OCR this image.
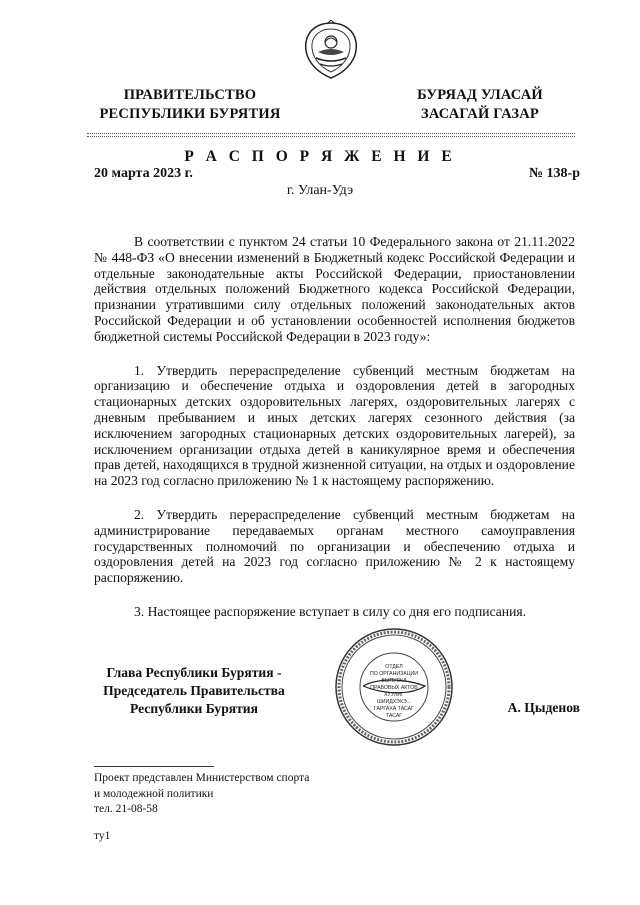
ПРАВИТЕЛЬСТВО
РЕСПУБЛИКИ БУРЯТИЯ
БУРЯАД УЛАСАЙ
ЗАСАГАЙ ГАЗАР
Р А С П О Р Я Ж Е Н И Е
20 марта 2023 г.	№ 138-р
г. Улан-Удэ

В соответствии с пунктом 24 статьи 10 Федерального закона от 21.11.2022 № 448-ФЗ «О внесении изменений в Бюджетный кодекс Российской Федерации и отдельные законодательные акты Российской Федерации, приостановлении действия отдельных положений Бюджетного кодекса Российской Федерации, признании утратившими силу отдельных положений законодательных актов Российской Федерации и об установлении особенностей исполнения бюджетов бюджетной системы Российской Федерации в 2023 году»:

1. Утвердить перераспределение субвенций местным бюджетам на организацию и обеспечение отдыха и оздоровления детей в загородных стационарных детских оздоровительных лагерях, оздоровительных лагерях с дневным пребыванием и иных детских лагерях сезонного действия (за исключением загородных стационарных детских оздоровительных лагерей), за исключением организации отдыха детей в каникулярное время и обеспечения прав детей, находящихся в трудной жизненной ситуации, на отдых и оздоровление на 2023 год согласно приложению № 1 к настоящему распоряжению.

2. Утвердить перераспределение субвенций местным бюджетам на администрирование передаваемых органам местного самоуправления государственных полномочий по организации и обеспечению отдыха и оздоровления детей на 2023 год согласно приложению № 2 к настоящему распоряжению.

3. Настоящее распоряжение вступает в силу со дня его подписания.

Глава Республики Бурятия -
Председатель Правительства
Республики Бурятия
ОТДЕЛ
ПО ОРГАНИЗАЦИИ
ВЫПУСКА
ПРАВОВЫХ АКТОВ
ХУУЛИГ
ШИИДХЭХЭ...
ГАРГАХА ТАСАГ
ТАСАГ
А. Цыденов
Проект представлен Министерством спорта
и молодежной политики
тел. 21-08-58
ту1
